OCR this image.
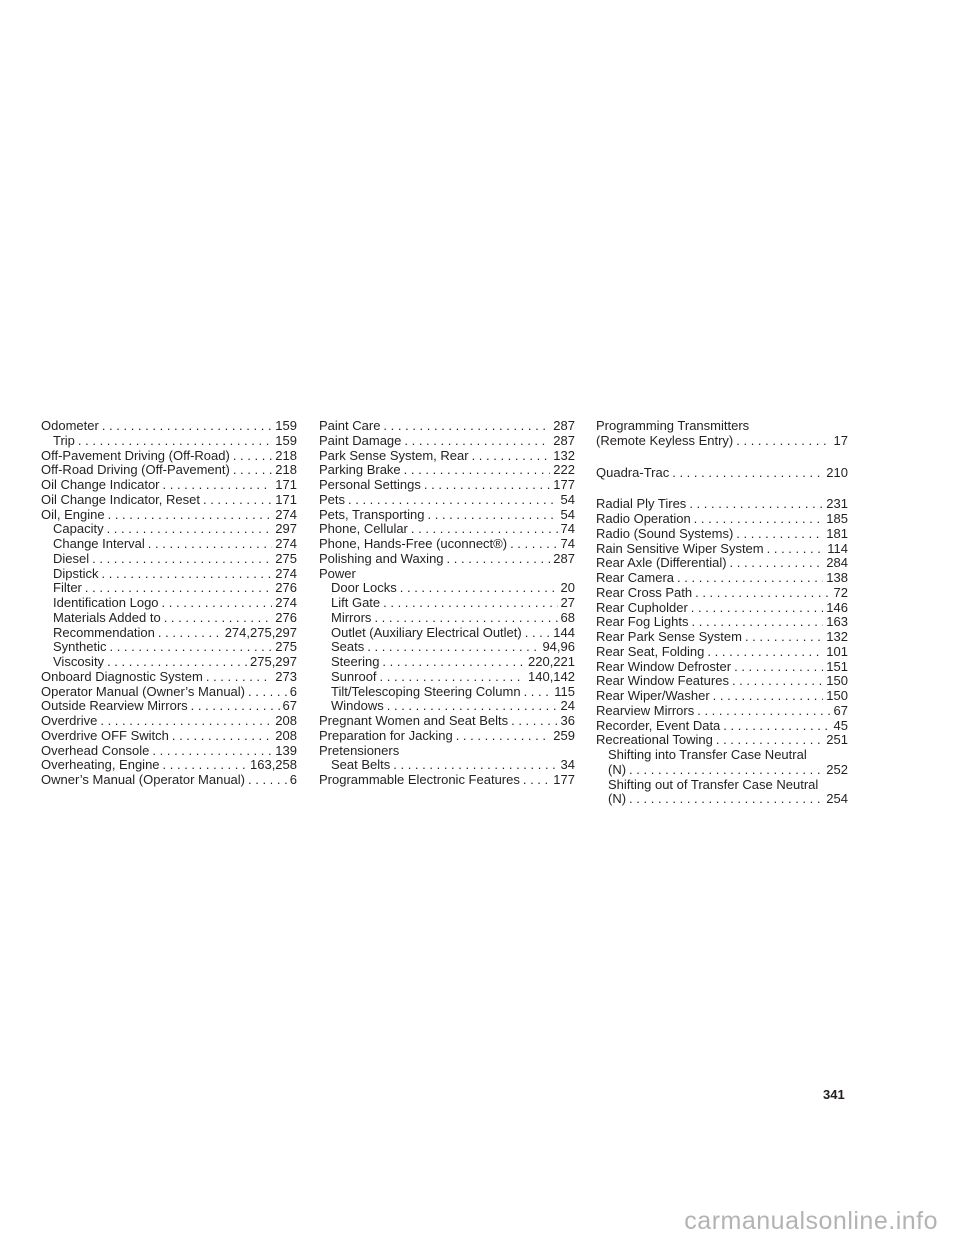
Odometer . . .	159
Trip . . .	159
Off-Pavement Driving (Off-Road) . . .	218
Off-Road Driving (Off-Pavement) . . .	218
Oil Change Indicator . . .	171
Oil Change Indicator, Reset . . .	171
Oil, Engine . . .	274
Capacity . . .	297
Change Interval . . .	274
Diesel . . .	275
Dipstick . . .	274
Filter . . .	276
Identification Logo . . .	274
Materials Added to . . .	276
Recommendation . . .	274,275,297
Synthetic . . .	275
Viscosity . . .	275,297
Onboard Diagnostic System . . .	273
Operator Manual (Owner’s Manual) . . .	6
Outside Rearview Mirrors . . .	67
Overdrive . . .	208
Overdrive OFF Switch . . .	208
Overhead Console . . .	139
Overheating, Engine . . .	163,258
Owner’s Manual (Operator Manual) . . .	6
Paint Care . . .	287
Paint Damage . . .	287
Park Sense System, Rear . . .	132
Parking Brake . . .	222
Personal Settings . . .	177
Pets . . .	54
Pets, Transporting . . .	54
Phone, Cellular . . .	74
Phone, Hands-Free (uconnect®) . . .	74
Polishing and Waxing . . .	287
Power
Door Locks . . .	20
Lift Gate . . .	27
Mirrors . . .	68
Outlet (Auxiliary Electrical Outlet) . . . 144
Seats . . .	94,96
Steering . . .	220,221
Sunroof . . .	140,142
Tilt/Telescoping Steering Column . . .	115
Windows . . .	24
Pregnant Women and Seat Belts . . .	36
Preparation for Jacking . . .	259
Pretensioners
Seat Belts . . .	34
Programmable Electronic Features . . .	177
Programming Transmitters
(Remote Keyless Entry) . . .	17
Quadra-Trac . . .	210
Radial Ply Tires . . .	231
Radio Operation . . .	185
Radio (Sound Systems) . . .	181
Rain Sensitive Wiper System . . .	114
Rear Axle (Differential) . . .	284
Rear Camera . . .	138
Rear Cross Path . . .	72
Rear Cupholder . . .	146
Rear Fog Lights . . .	163
Rear Park Sense System . . .	132
Rear Seat, Folding . . .	101
Rear Window Defroster . . .	151
Rear Window Features . . .	150
Rear Wiper/Washer . . .	150
Rearview Mirrors . . .	67
Recorder, Event Data . . .	45
Recreational Towing . . .	251
Shifting into Transfer Case Neutral
(N) . . .	252
Shifting out of Transfer Case Neutral
(N) . . .	254
341
carmanualsonline.info
